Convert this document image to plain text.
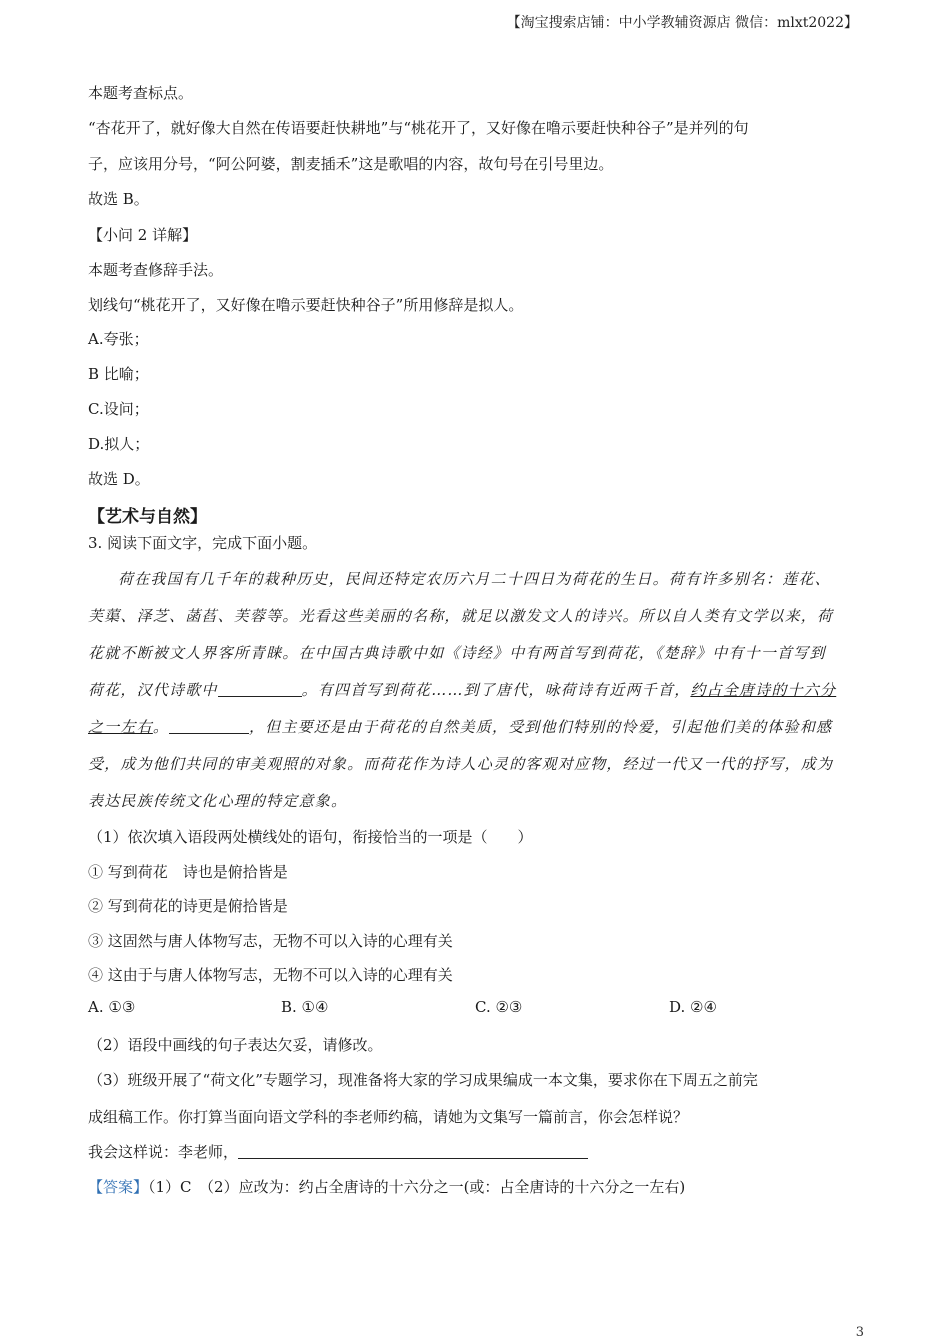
【淘宝搜索店铺：中小学教辅资源店 微信：mlxt2022】
本题考查标点。
“杏花开了，就好像大自然在传语要赶快耕地”与“桃花开了，又好像在噜示要赶快种谷子”是并列的句
子，应该用分号，“阿公阿婆，割麦插禾”这是歌唱的内容，故句号在引号里边。
故选 B。
【小问 2 详解】
本题考查修辞手法。
划线句“桃花开了，又好像在噜示要赶快种谷子”所用修辞是拟人。
A.夸张；
B 比喻；
C.设问；
D.拟人；
故选 D。
【艺术与自然】
3. 阅读下面文字，完成下面小题。
荷在我国有几千年的栽种历史，民间还特定农历六月二十四日为荷花的生日。荷有许多别名：莲花、
芙蕖、泽芝、菡萏、芙蓉等。光看这些美丽的名称，就足以激发文人的诗兴。所以自人类有文学以来，荷
花就不断被文人界客所青睐。在中国古典诗歌中如《诗经》中有两首写到荷花，《楚辞》中有十一首写到
荷花，汉代诗歌中	。有四首写到荷花……到了唐代，咏荷诗有近两千首，约占全唐诗的十六分
之一左右。	，但主要还是由于荷花的自然美质，受到他们特别的怜爱，引起他们美的体验和感
受，成为他们共同的审美观照的对象。而荷花作为诗人心灵的客观对应物，经过一代又一代的抒写，成为
表达民族传统文化心理的特定意象。
（1）依次填入语段两处横线处的语句，衔接恰当的一项是（　　）
① 写到荷花　诗也是俯拾皆是
② 写到荷花的诗更是俯拾皆是
③ 这固然与唐人体物写志，无物不可以入诗的心理有关
④ 这由于与唐人体物写志，无物不可以入诗的心理有关
A. ①③	B. ①④	C. ②③	D. ②④
（2）语段中画线的句子表达欠妥，请修改。
（3）班级开展了“荷文化”专题学习，现准备将大家的学习成果编成一本文集，要求你在下周五之前完
成组稿工作。你打算当面向语文学科的李老师约稿，请她为文集写一篇前言，你会怎样说？
我会这样说：李老师，
【答案】（1）C　（2）应改为：约占全唐诗的十六分之一(或：占全唐诗的十六分之一左右)
3
